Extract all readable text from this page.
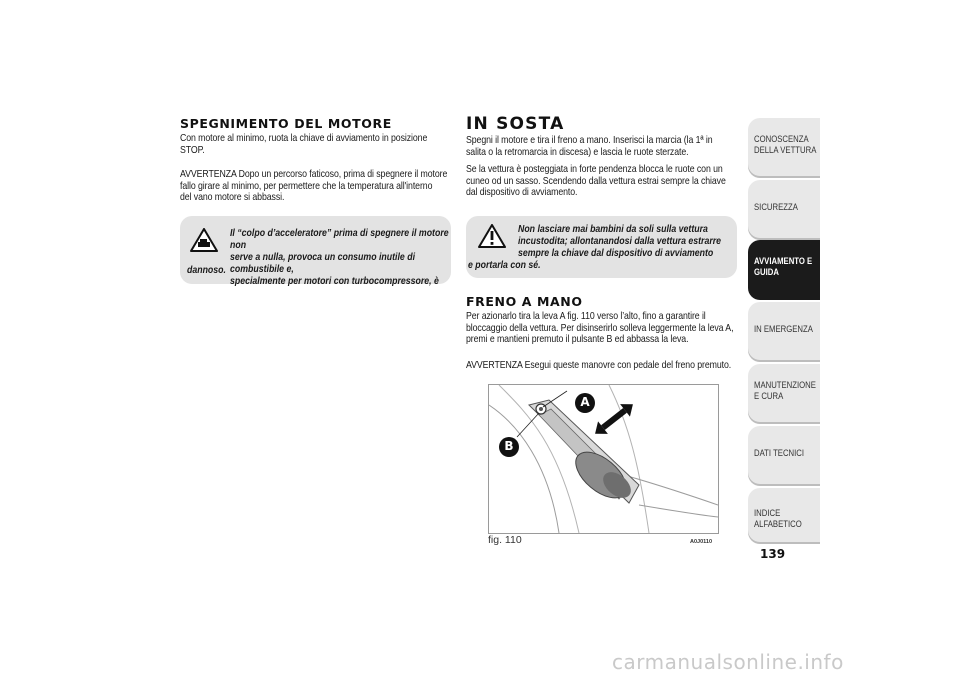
SPEGNIMENTO DEL MOTORE
Con motore al minimo, ruota la chiave di avviamento in posizione
STOP.
AVVERTENZA Dopo un percorso faticoso, prima di spegnere il motore
fallo girare al minimo, per permettere che la temperatura all'interno
del vano motore si abbassi.
Il “colpo d’acceleratore” prima di spegnere il motore non
serve a nulla, provoca un consumo inutile di combustibile e,
specialmente per motori con turbocompressore, è
dannoso.
IN SOSTA
Spegni il motore e tira il freno a mano. Inserisci la marcia (la 1ª in
salita o la retromarcia in discesa) e lascia le ruote sterzate.
Se la vettura è posteggiata in forte pendenza blocca le ruote con un
cuneo od un sasso. Scendendo dalla vettura estrai sempre la chiave
dal dispositivo di avviamento.
Non lasciare mai bambini da soli sulla vettura
incustodita; allontanandosi dalla vettura estrarre
sempre la chiave dal dispositivo di avviamento
e portarla con sé.
FRENO A MANO
Per azionarlo tira la leva A fig. 110 verso l’alto, fino a garantire il
bloccaggio della vettura. Per disinserirlo solleva leggermente la leva A,
premi e mantieni premuto il pulsante B ed abbassa la leva.
AVVERTENZA Esegui queste manovre con pedale del freno premuto.
A
B
fig. 110	A0J0110
CONOSCENZA DELLA VETTURA
SICUREZZA
AVVIAMENTO E GUIDA
IN EMERGENZA
MANUTENZIONE E CURA
DATI TECNICI
INDICE ALFABETICO
139
carmanualsonline.info
